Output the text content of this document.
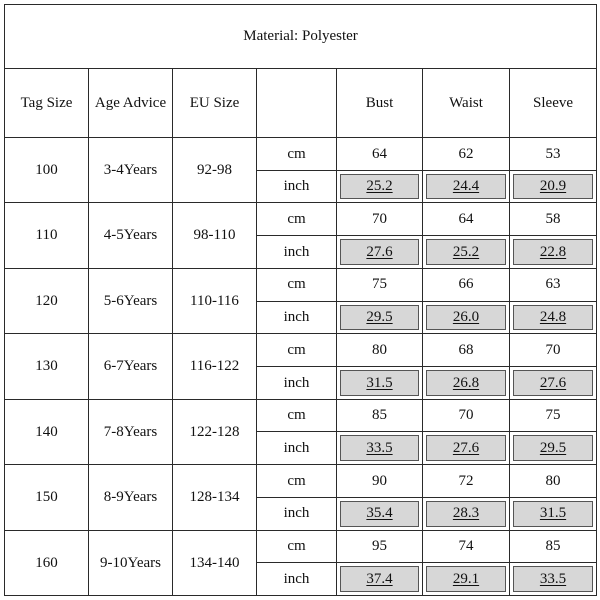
Material: Polyester						
Tag Size	Age Advice	EU Size		Bust	Waist	Sleeve
100	3-4Years	92-98	cm	64	62	53
			inch	25.2	24.4	20.9
110	4-5Years	98-110	cm	70	64	58
			inch	27.6	25.2	22.8
120	5-6Years	110-116	cm	75	66	63
			inch	29.5	26.0	24.8
130	6-7Years	116-122	cm	80	68	70
			inch	31.5	26.8	27.6
140	7-8Years	122-128	cm	85	70	75
			inch	33.5	27.6	29.5
150	8-9Years	128-134	cm	90	72	80
			inch	35.4	28.3	31.5
160	9-10Years	134-140	cm	95	74	85
			inch	37.4	29.1	33.5
